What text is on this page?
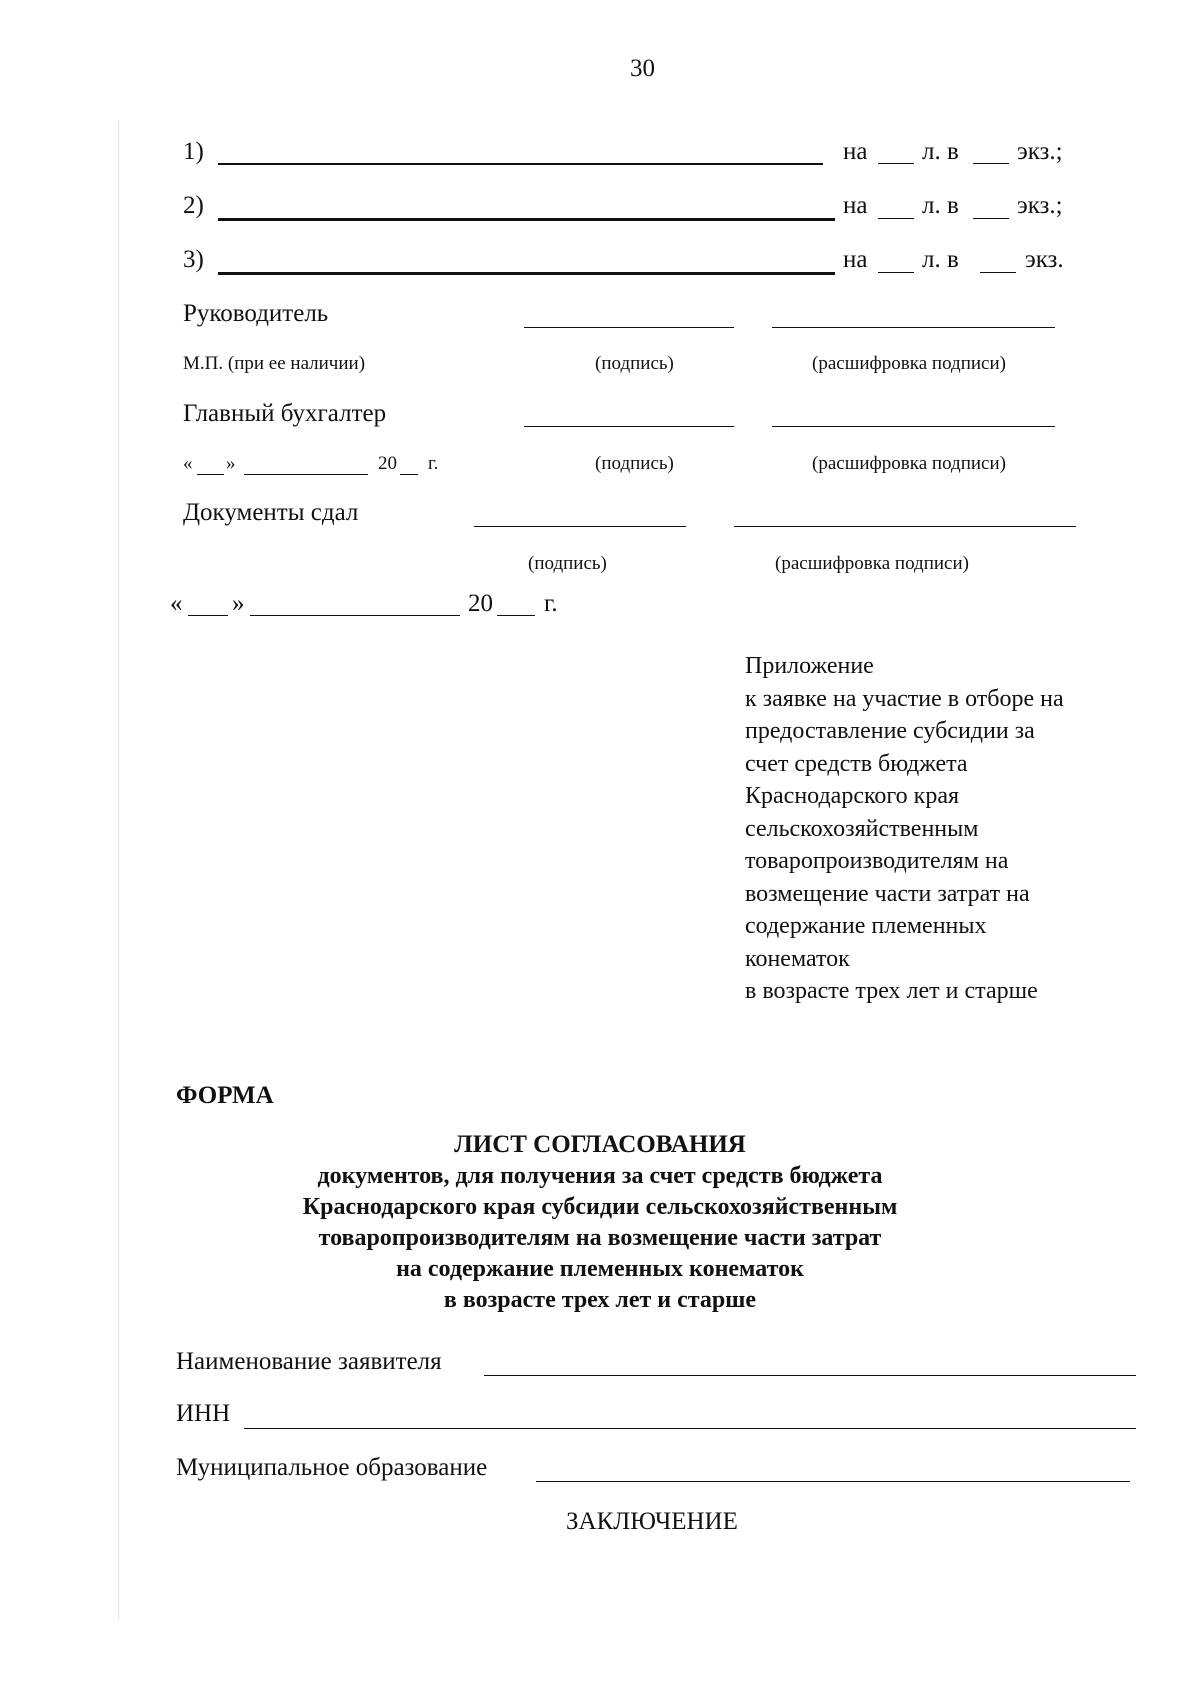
30
1)	на л. в экз.;
2)	на л. в экз.;
3)	на л. в	экз.
Руководитель
М.П. (при ее наличии)	(подпись)	(расшифровка подписи)
Главный бухгалтер
« »	20 г.	(подпись)	(расшифровка подписи)
Документы сдал
(подпись)	(расшифровка подписи)
« »	20 г.
Приложение
к заявке на участие в отборе на
предоставление субсидии за
счет средств бюджета
Краснодарского края
сельскохозяйственным
товаропроизводителям на
возмещение части затрат на
содержание племенных
конематок
в возрасте трех лет и старше
ФОРМА
ЛИСТ СОГЛАСОВАНИЯ
документов, для получения за счет средств бюджета
Краснодарского края субсидии сельскохозяйственным
товаропроизводителям на возмещение части затрат
на содержание племенных конематок
в возрасте трех лет и старше
Наименование заявителя
ИНН
Муниципальное образование
ЗАКЛЮЧЕНИЕ
